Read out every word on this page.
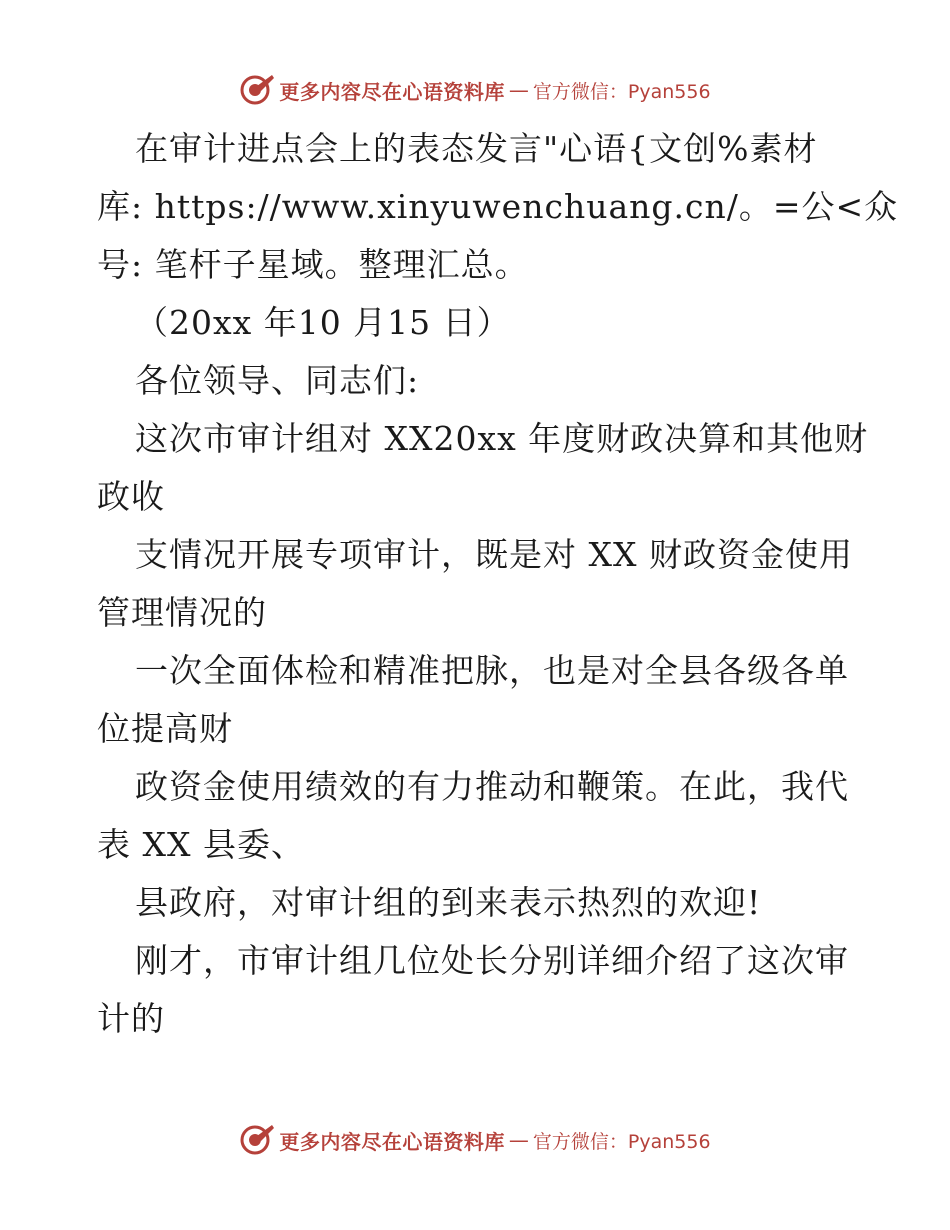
更多内容尽在心语资料库 — 官方微信：Pyan556
在审计进点会上的表态发言"心语{文创%素材
库: https://www.xinyuwenchuang.cn/。=公<众
号: 笔杆子星域。整理汇总。
（20xx 年10 月15 日）
各位领导、同志们:
这次市审计组对 XX20xx 年度财政决算和其他财
政收
支情况开展专项审计，既是对 XX 财政资金使用
管理情况的
一次全面体检和精准把脉，也是对全县各级各单
位提高财
政资金使用绩效的有力推动和鞭策。在此，我代
表 XX 县委、
县政府，对审计组的到来表示热烈的欢迎!
刚才，市审计组几位处长分别详细介绍了这次审
计的
更多内容尽在心语资料库 — 官方微信：Pyan556
